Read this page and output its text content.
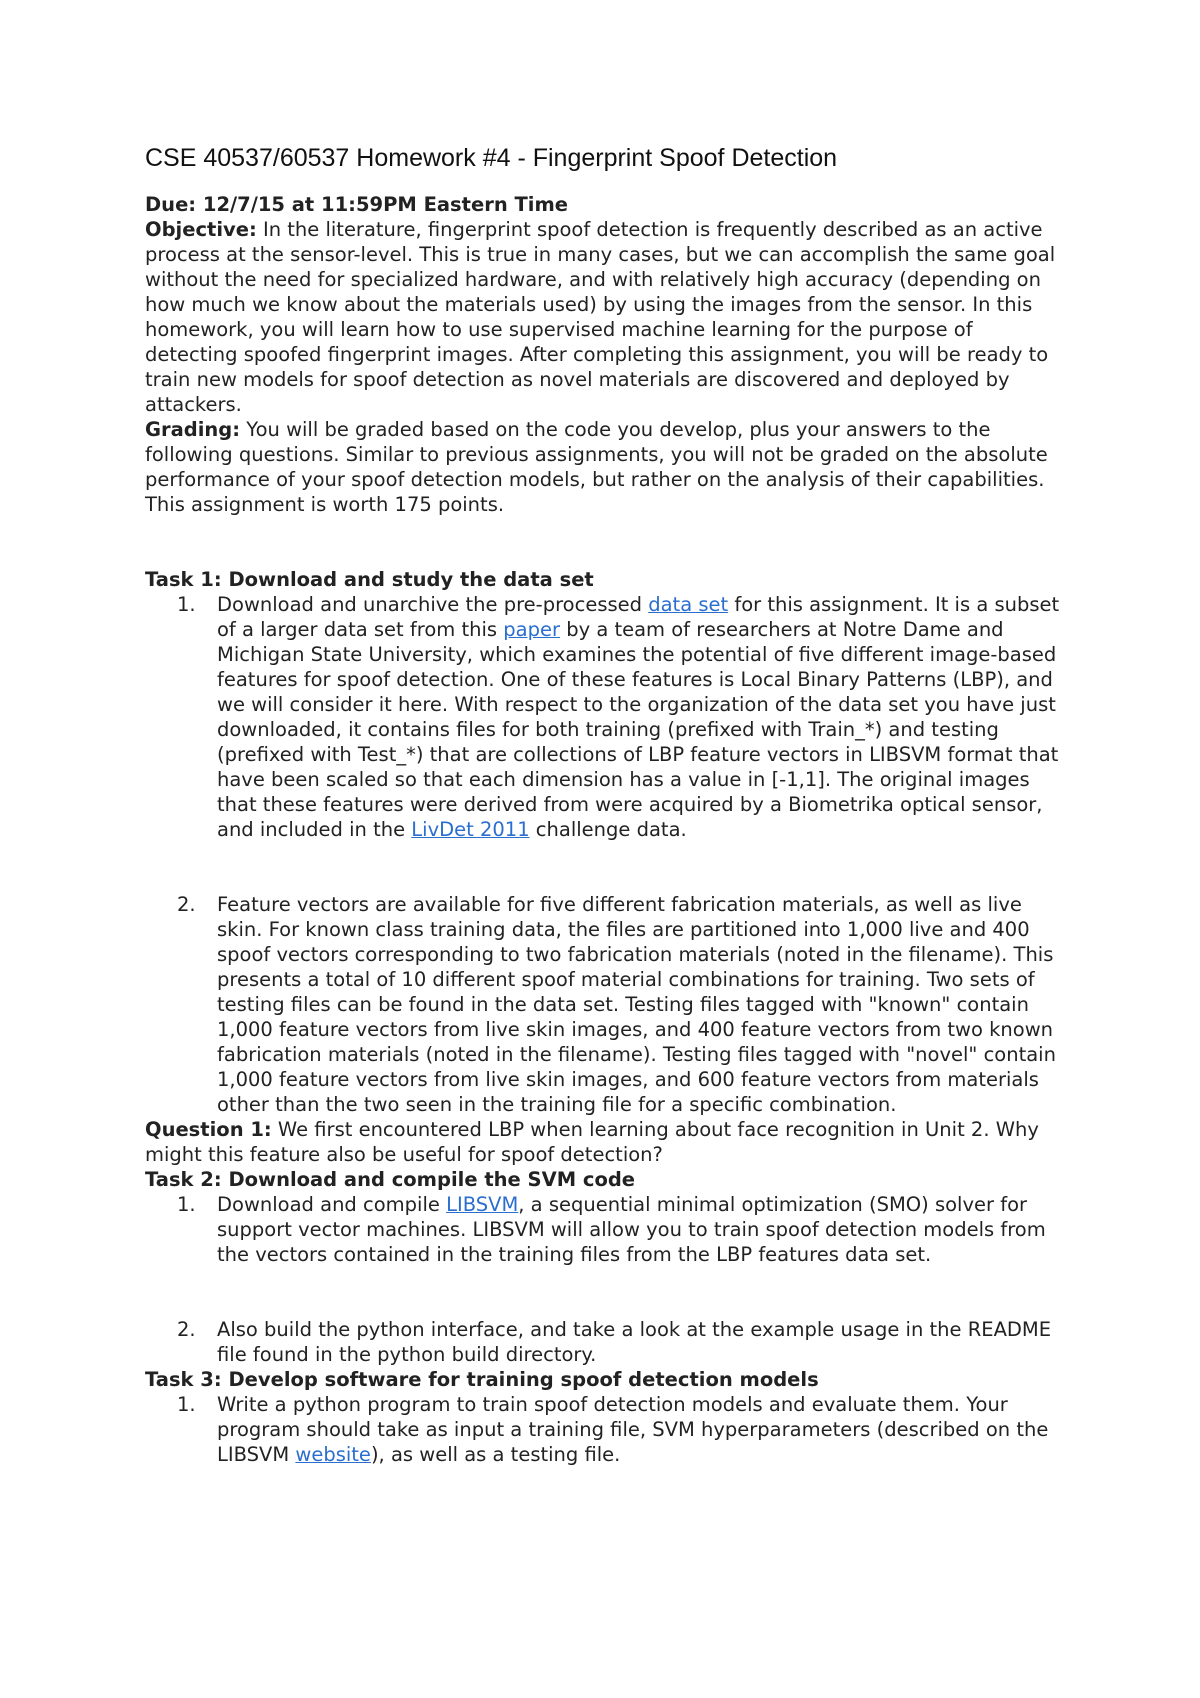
CSE 40537/60537 Homework #4 - Fingerprint Spoof Detection

Due: 12/7/15 at 11:59PM Eastern Time

Objective: In the literature, fingerprint spoof detection is frequently described as an active process at the sensor-level. This is true in many cases, but we can accomplish the same goal without the need for specialized hardware, and with relatively high accuracy (depending on how much we know about the materials used) by using the images from the sensor. In this homework, you will learn how to use supervised machine learning for the purpose of detecting spoofed fingerprint images. After completing this assignment, you will be ready to train new models for spoof detection as novel materials are discovered and deployed by attackers.

Grading: You will be graded based on the code you develop, plus your answers to the following questions. Similar to previous assignments, you will not be graded on the absolute performance of your spoof detection models, but rather on the analysis of their capabilities. This assignment is worth 175 points.

Task 1: Download and study the data set

1. Download and unarchive the pre-processed data set for this assignment. It is a subset of a larger data set from this paper by a team of researchers at Notre Dame and Michigan State University, which examines the potential of five different image-based features for spoof detection. One of these features is Local Binary Patterns (LBP), and we will consider it here. With respect to the organization of the data set you have just downloaded, it contains files for both training (prefixed with Train_*) and testing (prefixed with Test_*) that are collections of LBP feature vectors in LIBSVM format that have been scaled so that each dimension has a value in [-1,1]. The original images that these features were derived from were acquired by a Biometrika optical sensor, and included in the LivDet 2011 challenge data.
2. Feature vectors are available for five different fabrication materials, as well as live skin. For known class training data, the files are partitioned into 1,000 live and 400 spoof vectors corresponding to two fabrication materials (noted in the filename). This presents a total of 10 different spoof material combinations for training. Two sets of testing files can be found in the data set. Testing files tagged with "known" contain 1,000 feature vectors from live skin images, and 400 feature vectors from two known fabrication materials (noted in the filename). Testing files tagged with "novel" contain 1,000 feature vectors from live skin images, and 600 feature vectors from materials other than the two seen in the training file for a specific combination.

Question 1: We first encountered LBP when learning about face recognition in Unit 2. Why might this feature also be useful for spoof detection?

Task 2: Download and compile the SVM code

1. Download and compile LIBSVM, a sequential minimal optimization (SMO) solver for support vector machines. LIBSVM will allow you to train spoof detection models from the vectors contained in the training files from the LBP features data set.
2. Also build the python interface, and take a look at the example usage in the README file found in the python build directory.

Task 3: Develop software for training spoof detection models

1. Write a python program to train spoof detection models and evaluate them. Your program should take as input a training file, SVM hyperparameters (described on the LIBSVM website), as well as a testing file.
